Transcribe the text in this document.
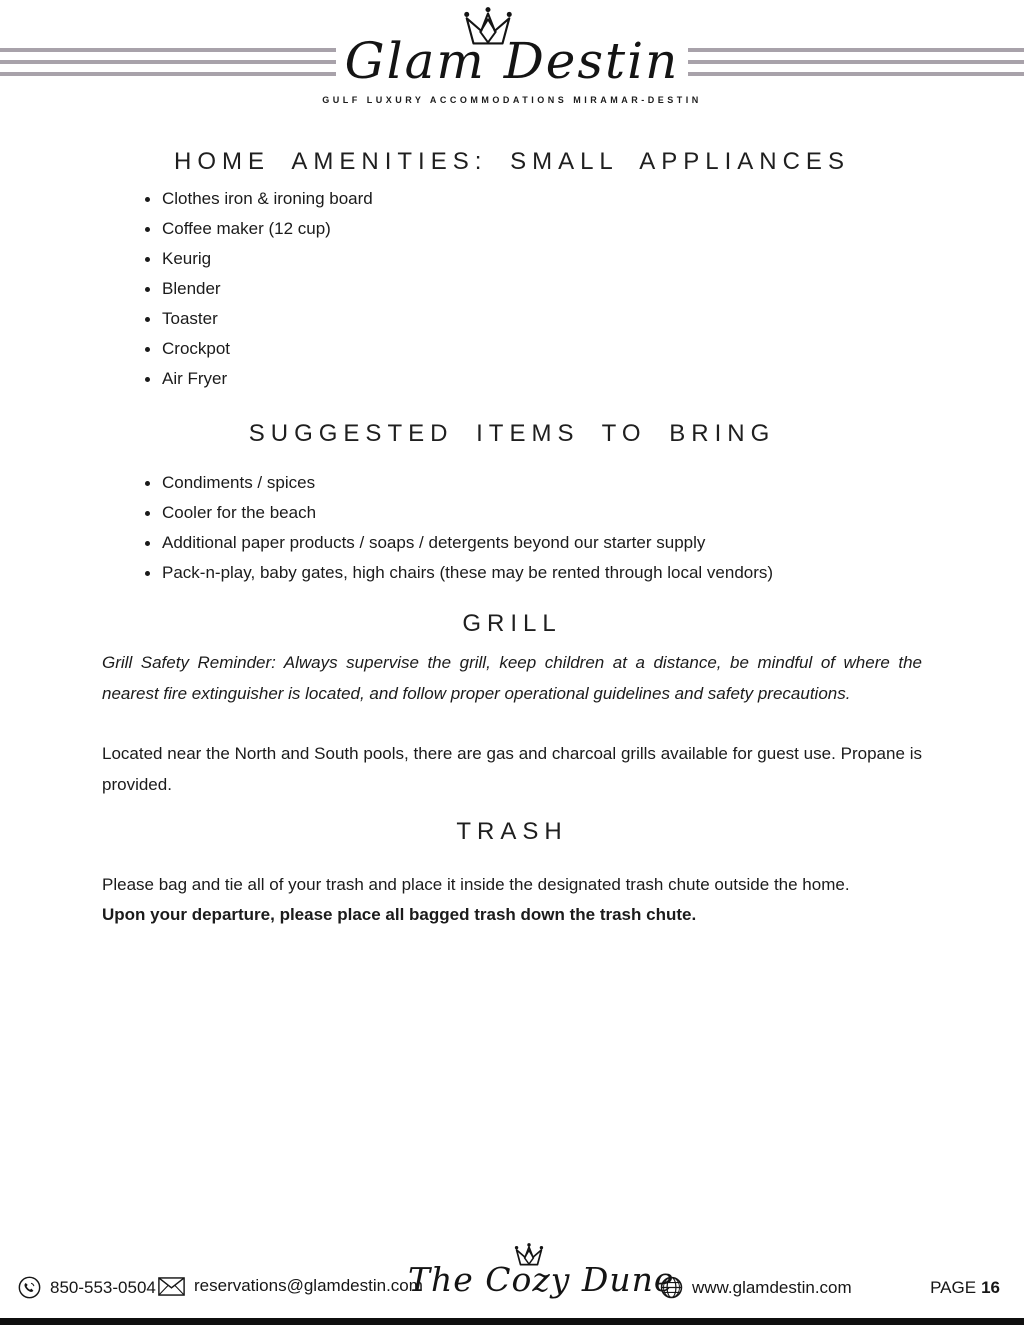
Glam Destin
GULF LUXURY ACCOMMODATIONS MIRAMAR-DESTIN
HOME AMENITIES: SMALL APPLIANCES
Clothes iron & ironing board
Coffee maker (12 cup)
Keurig
Blender
Toaster
Crockpot
Air Fryer
SUGGESTED ITEMS TO BRING
Condiments / spices
Cooler for the beach
Additional paper products / soaps / detergents beyond our starter supply
Pack-n-play, baby gates, high chairs (these may be rented through local vendors)
GRILL

Grill Safety Reminder: Always supervise the grill, keep children at a distance, be mindful of where the nearest fire extinguisher is located, and follow proper operational guidelines and safety precautions.

Located near the North and South pools, there are gas and charcoal grills available for guest use. Propane is provided.

TRASH

Please bag and tie all of your trash and place it inside the designated trash chute outside the home.

Upon your departure, please place all bagged trash down the trash chute.

850-553-0504 reservations@glamdestin.com
The Cozy Dune www.glamdestin.com	PAGE 16
